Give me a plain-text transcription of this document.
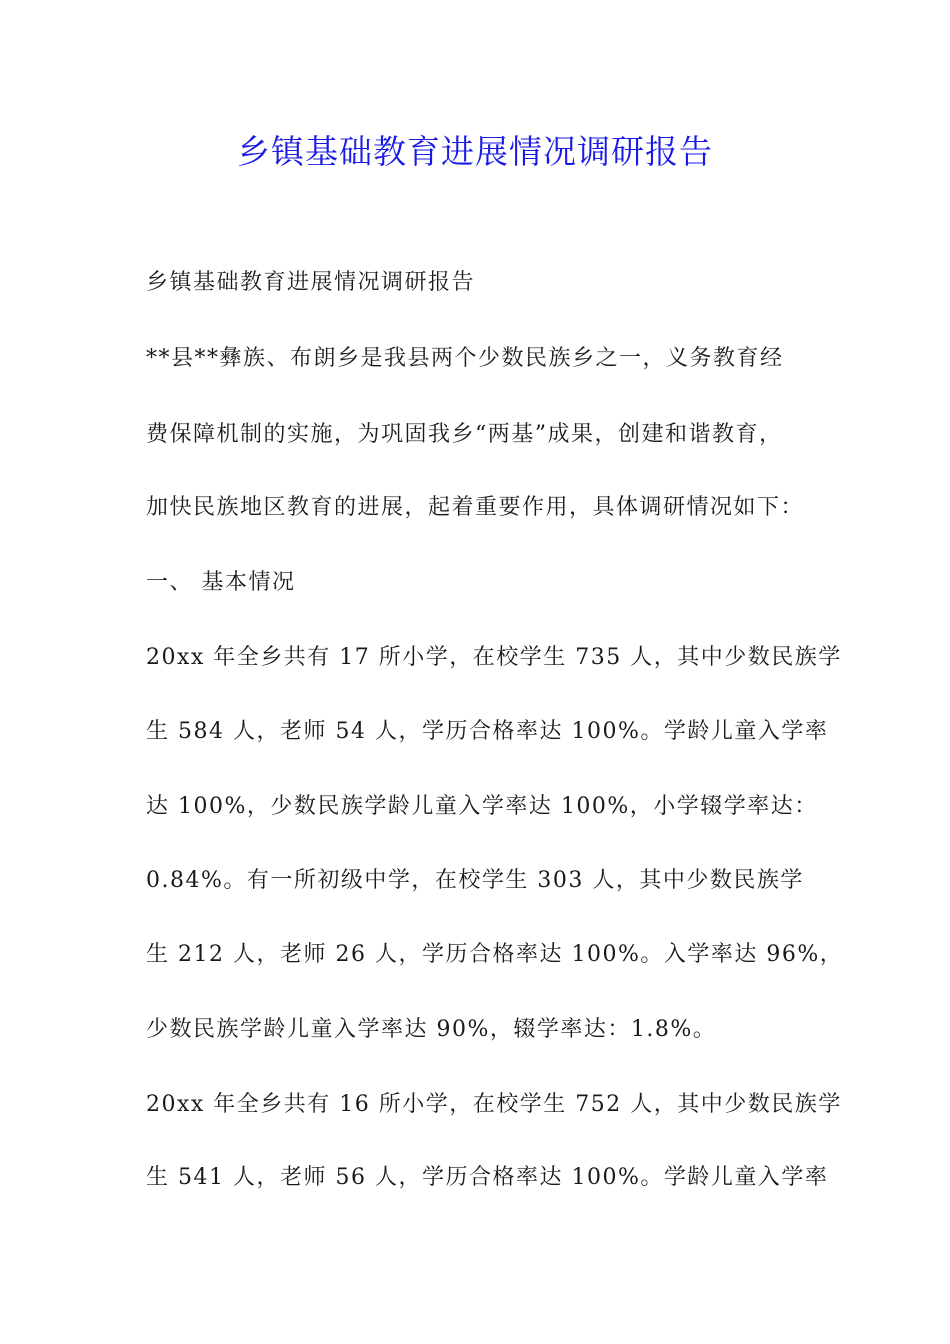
乡镇基础教育进展情况调研报告
乡镇基础教育进展情况调研报告
**县**彝族、布朗乡是我县两个少数民族乡之一，义务教育经
费保障机制的实施，为巩固我乡“两基”成果，创建和谐教育，
加快民族地区教育的进展，起着重要作用，具体调研情况如下：
一、 基本情况
20xx 年全乡共有 17 所小学，在校学生 735 人，其中少数民族学
生 584 人，老师 54 人，学历合格率达 100%。学龄儿童入学率
达 100%，少数民族学龄儿童入学率达 100%，小学辍学率达：
0.84%。有一所初级中学，在校学生 303 人，其中少数民族学
生 212 人，老师 26 人，学历合格率达 100%。入学率达 96%，
少数民族学龄儿童入学率达 90%，辍学率达：1.8%。
20xx 年全乡共有 16 所小学，在校学生 752 人，其中少数民族学
生 541 人，老师 56 人，学历合格率达 100%。学龄儿童入学率
